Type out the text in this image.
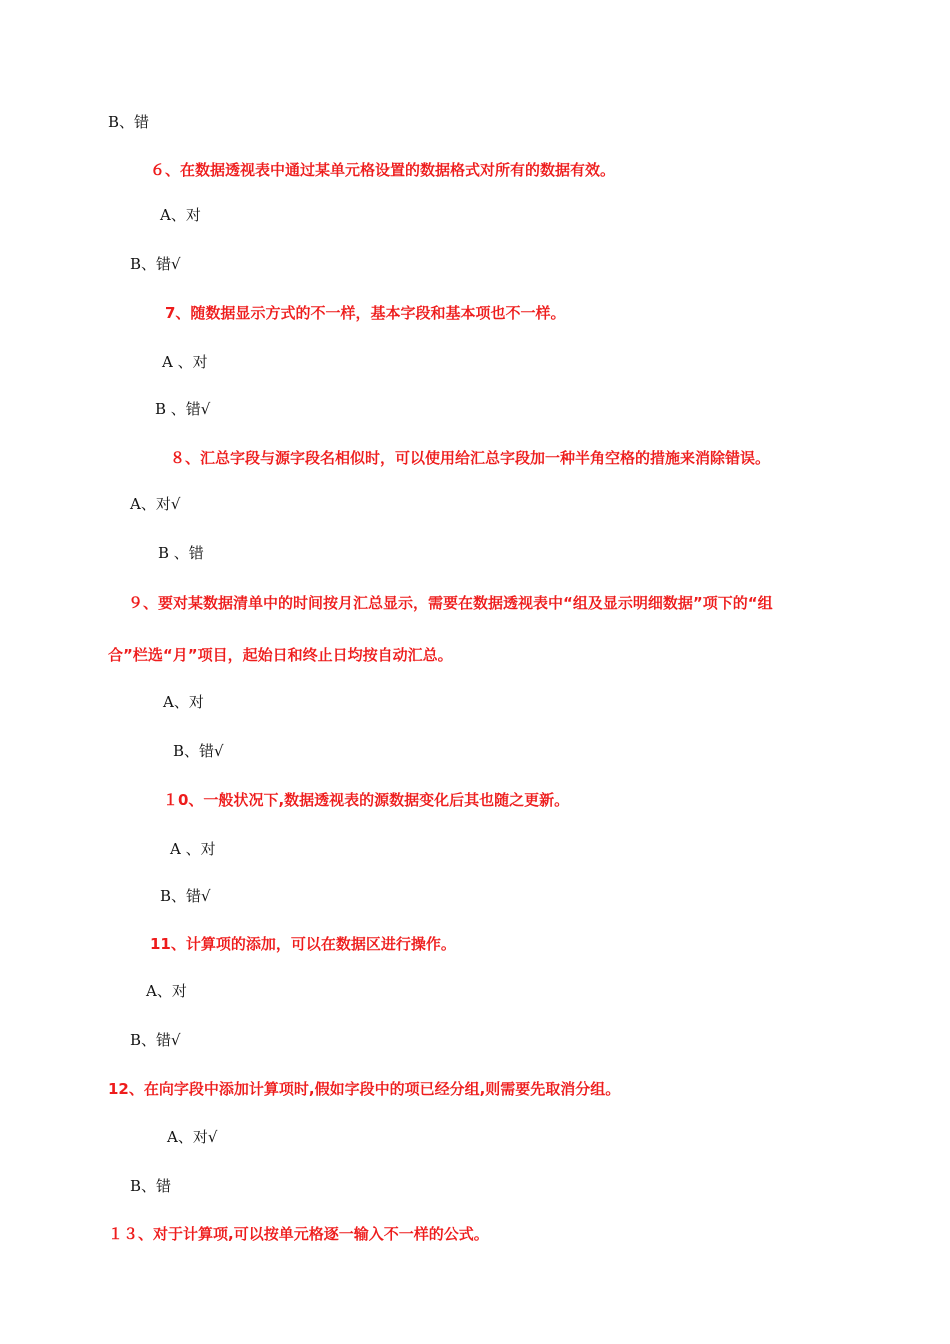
B、错
６、在数据透视表中通过某单元格设置的数据格式对所有的数据有效。
A、对
B、错√
7、随数据显示方式的不一样，基本字段和基本项也不一样。
A 、对
B 、错√
８、汇总字段与源字段名相似时，可以使用给汇总字段加一种半角空格的措施来消除错误。
A、对√
B 、错
９、要对某数据清单中的时间按月汇总显示，需要在数据透视表中“组及显示明细数据”项下的“组
合”栏选“月”项目，起始日和终止日均按自动汇总。
A、对
B、错√
１0、一般状况下,数据透视表的源数据变化后其也随之更新。
A 、对
B、错√
11、计算项的添加，可以在数据区进行操作。
A、对
B、错√
12、在向字段中添加计算项时,假如字段中的项已经分组,则需要先取消分组。
A、对√
B、错
１３、对于计算项,可以按单元格逐一输入不一样的公式。
